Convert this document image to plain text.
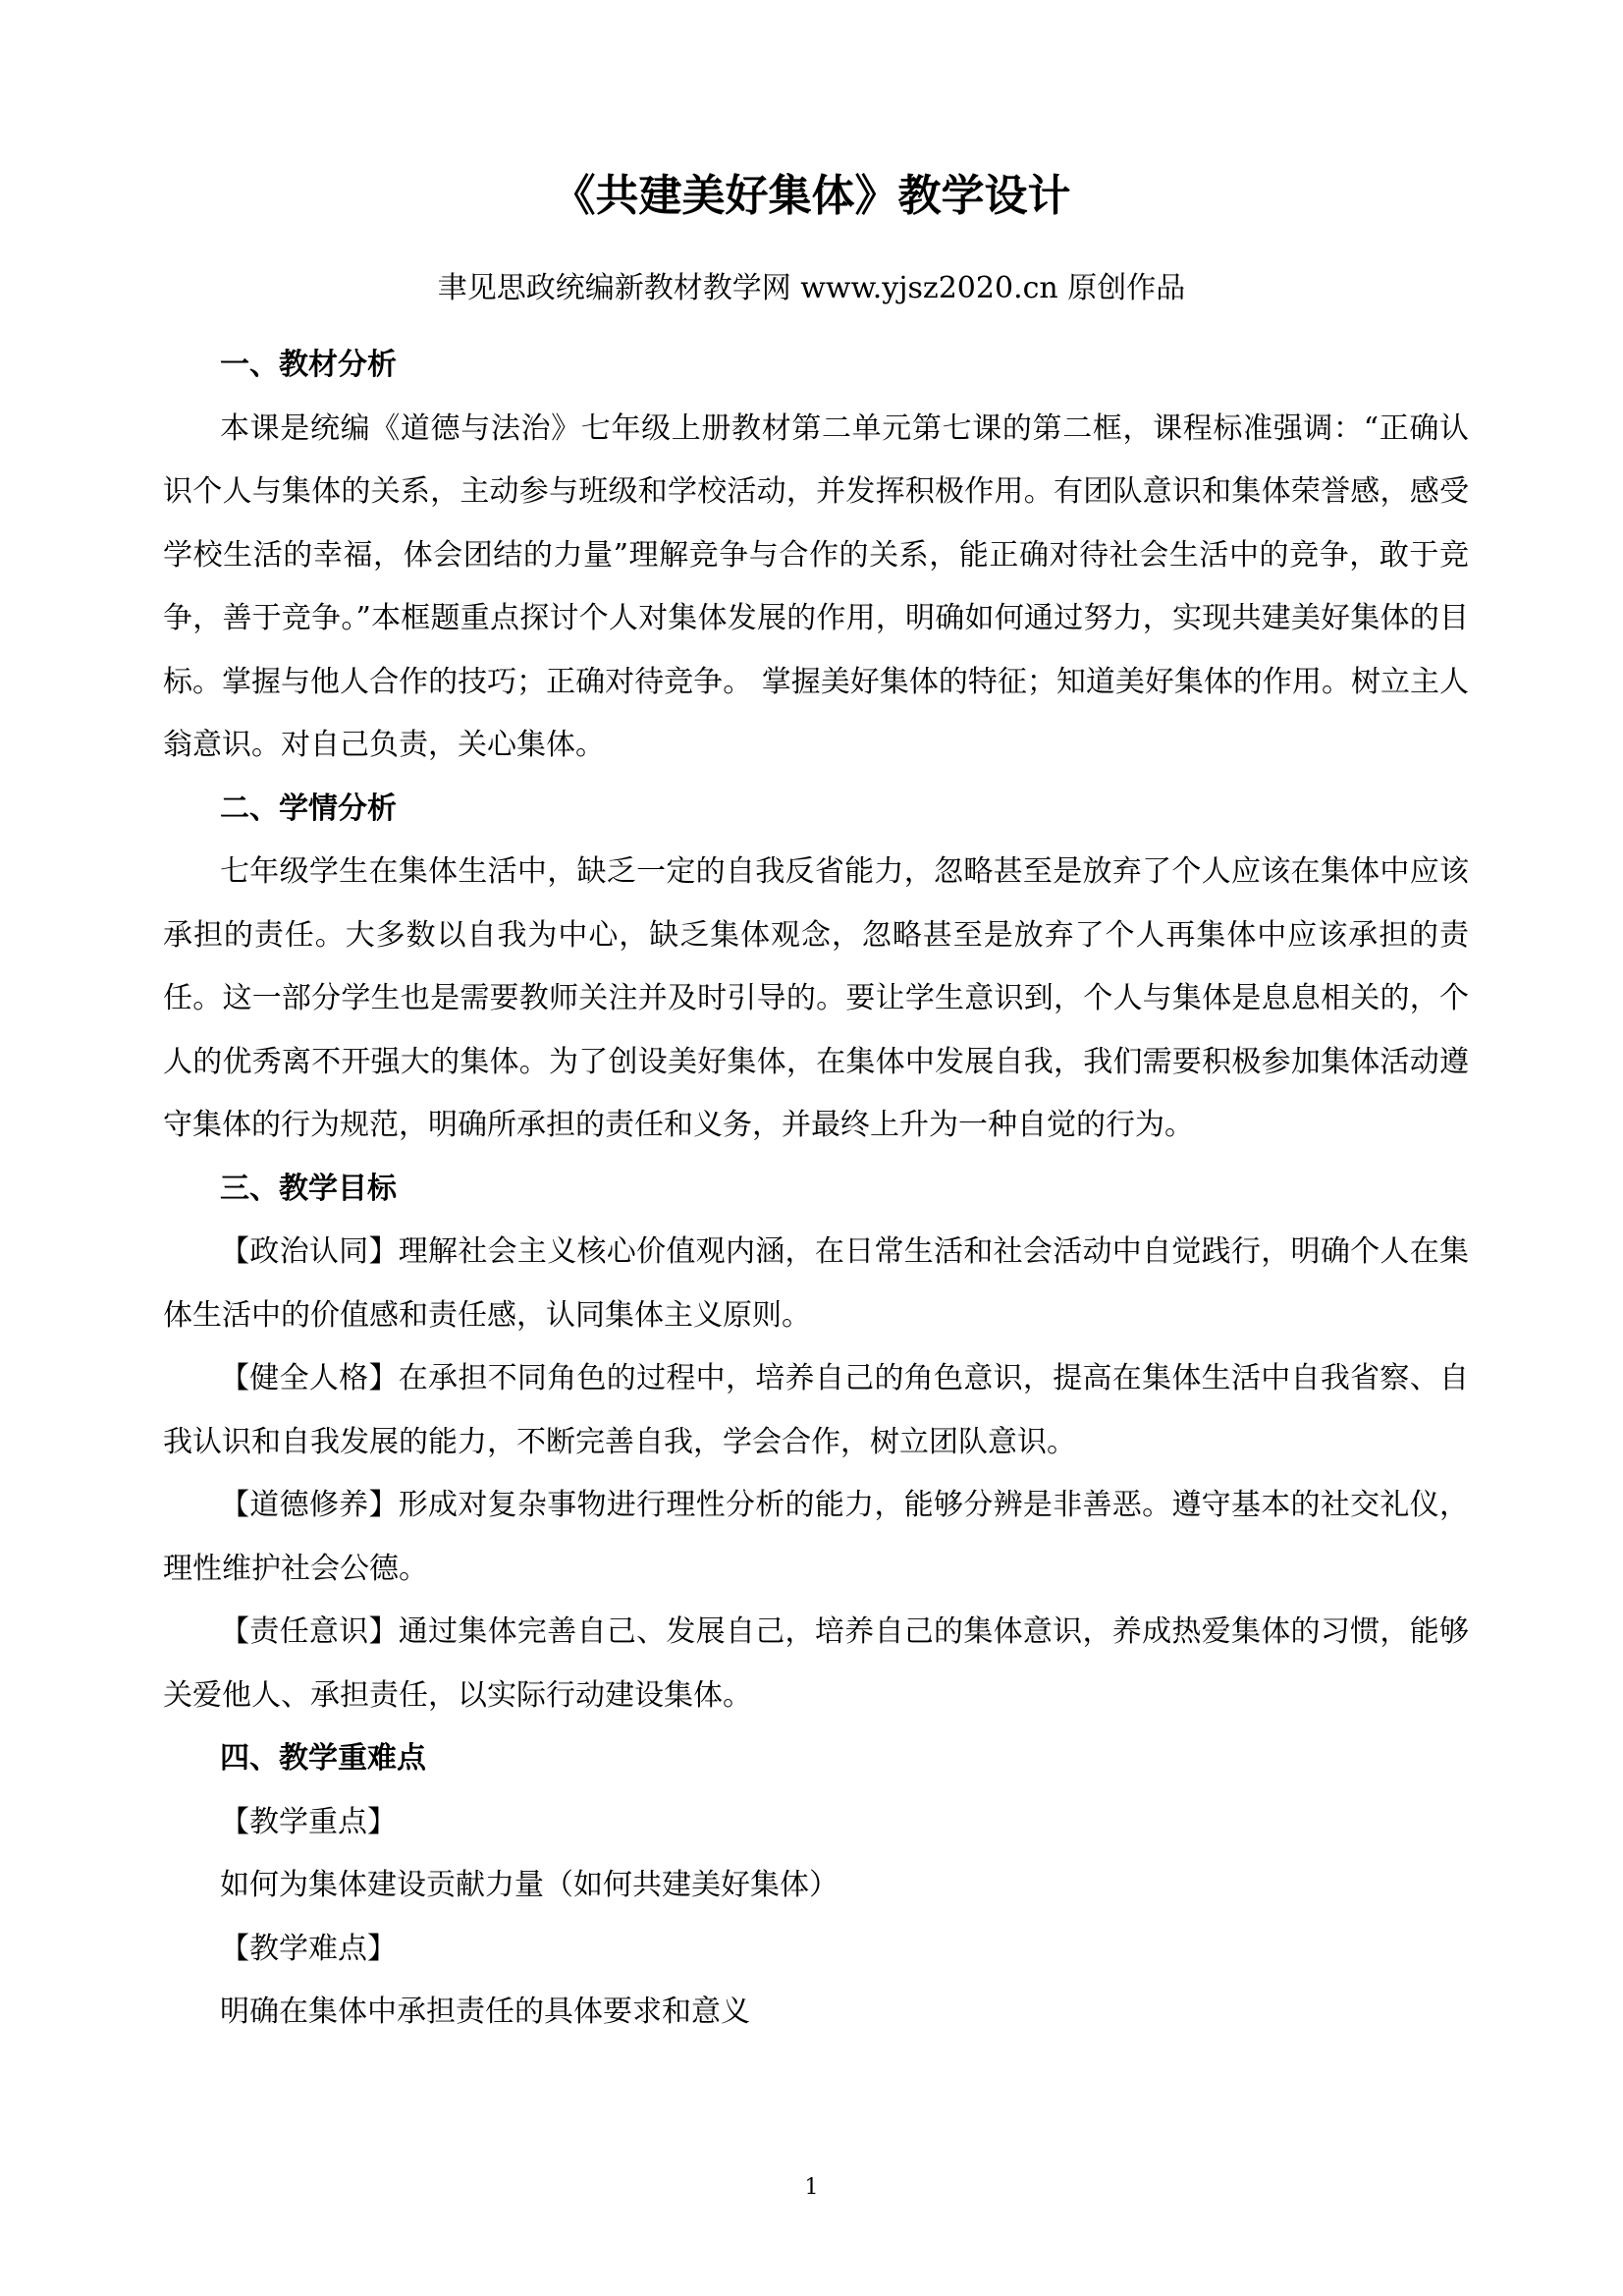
《共建美好集体》教学设计
聿见思政统编新教材教学网 www.yjsz2020.cn 原创作品

一、教材分析

本课是统编《道德与法治》七年级上册教材第二单元第七课的第二框，课程标准强调：“正确认识个人与集体的关系，主动参与班级和学校活动，并发挥积极作用。有团队意识和集体荣誉感，感受学校生活的幸福，体会团结的力量”理解竞争与合作的关系，能正确对待社会生活中的竞争，敢于竞争，善于竞争。”本框题重点探讨个人对集体发展的作用，明确如何通过努力，实现共建美好集体的目标。掌握与他人合作的技巧；正确对待竞争。 掌握美好集体的特征；知道美好集体的作用。树立主人翁意识。对自己负责，关心集体。

二、学情分析

七年级学生在集体生活中，缺乏一定的自我反省能力，忽略甚至是放弃了个人应该在集体中应该承担的责任。大多数以自我为中心，缺乏集体观念，忽略甚至是放弃了个人再集体中应该承担的责任。这一部分学生也是需要教师关注并及时引导的。要让学生意识到，个人与集体是息息相关的，个人的优秀离不开强大的集体。为了创设美好集体，在集体中发展自我，我们需要积极参加集体活动遵守集体的行为规范，明确所承担的责任和义务，并最终上升为一种自觉的行为。

三、教学目标

【政治认同】理解社会主义核心价值观内涵，在日常生活和社会活动中自觉践行，明确个人在集体生活中的价值感和责任感，认同集体主义原则。

【健全人格】在承担不同角色的过程中，培养自己的角色意识，提高在集体生活中自我省察、自我认识和自我发展的能力，不断完善自我，学会合作，树立团队意识。

【道德修养】形成对复杂事物进行理性分析的能力，能够分辨是非善恶。遵守基本的社交礼仪，理性维护社会公德。

【责任意识】通过集体完善自己、发展自己，培养自己的集体意识，养成热爱集体的习惯，能够关爱他人、承担责任，以实际行动建设集体。

四、教学重难点

【教学重点】

如何为集体建设贡献力量（如何共建美好集体）

【教学难点】

明确在集体中承担责任的具体要求和意义

1
